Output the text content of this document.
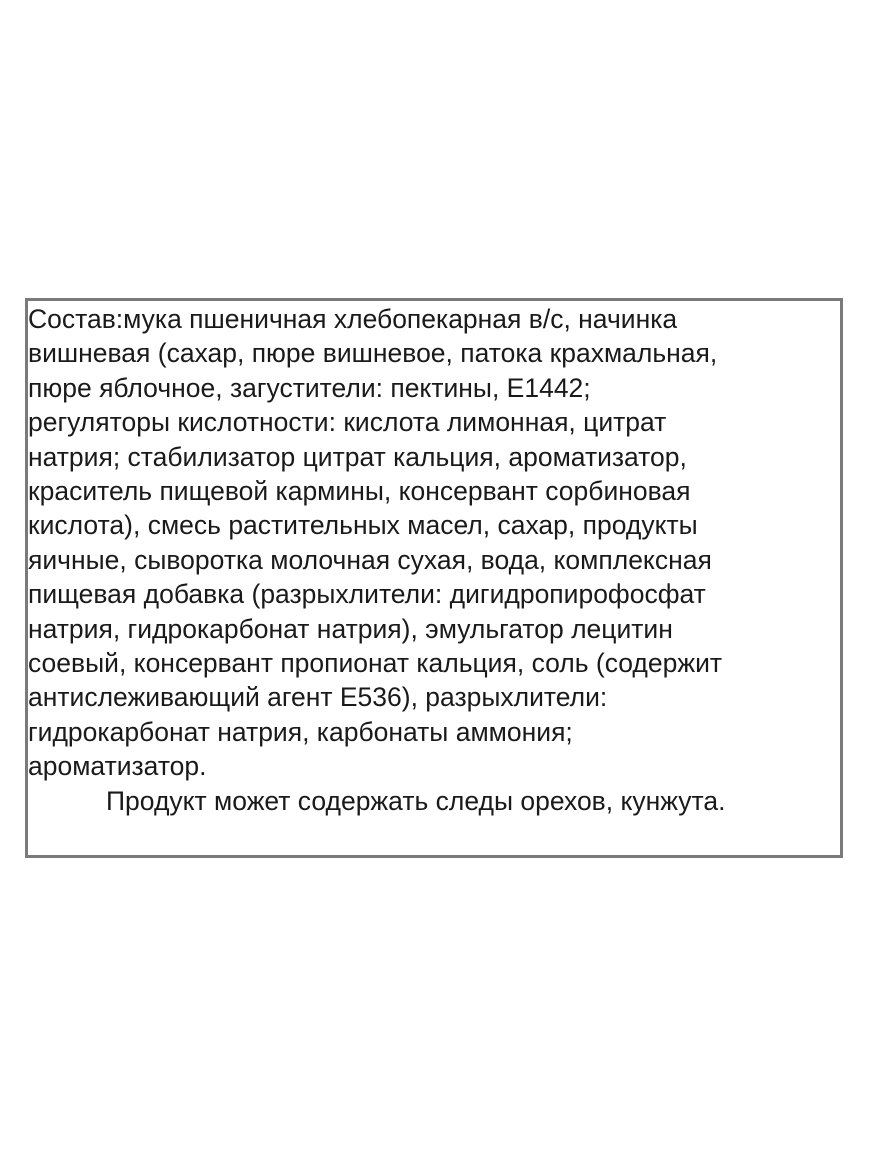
Состав:мука пшеничная хлебопекарная в/с, начинка
вишневая (сахар, пюре вишневое, патока крахмальная,
пюре яблочное, загустители: пектины, Е1442;
регуляторы кислотности: кислота лимонная, цитрат
натрия; стабилизатор цитрат кальция, ароматизатор,
краситель пищевой кармины, консервант сорбиновая
кислота), смесь растительных масел, сахар, продукты
яичные, сыворотка молочная сухая, вода, комплексная
пищевая добавка (разрыхлители: дигидропирофосфат
натрия, гидрокарбонат натрия), эмульгатор лецитин
соевый, консервант пропионат кальция, соль (содержит
антислеживающий агент Е536), разрыхлители:
гидрокарбонат натрия, карбонаты аммония;
ароматизатор.
Продукт может содержать следы орехов, кунжута.
